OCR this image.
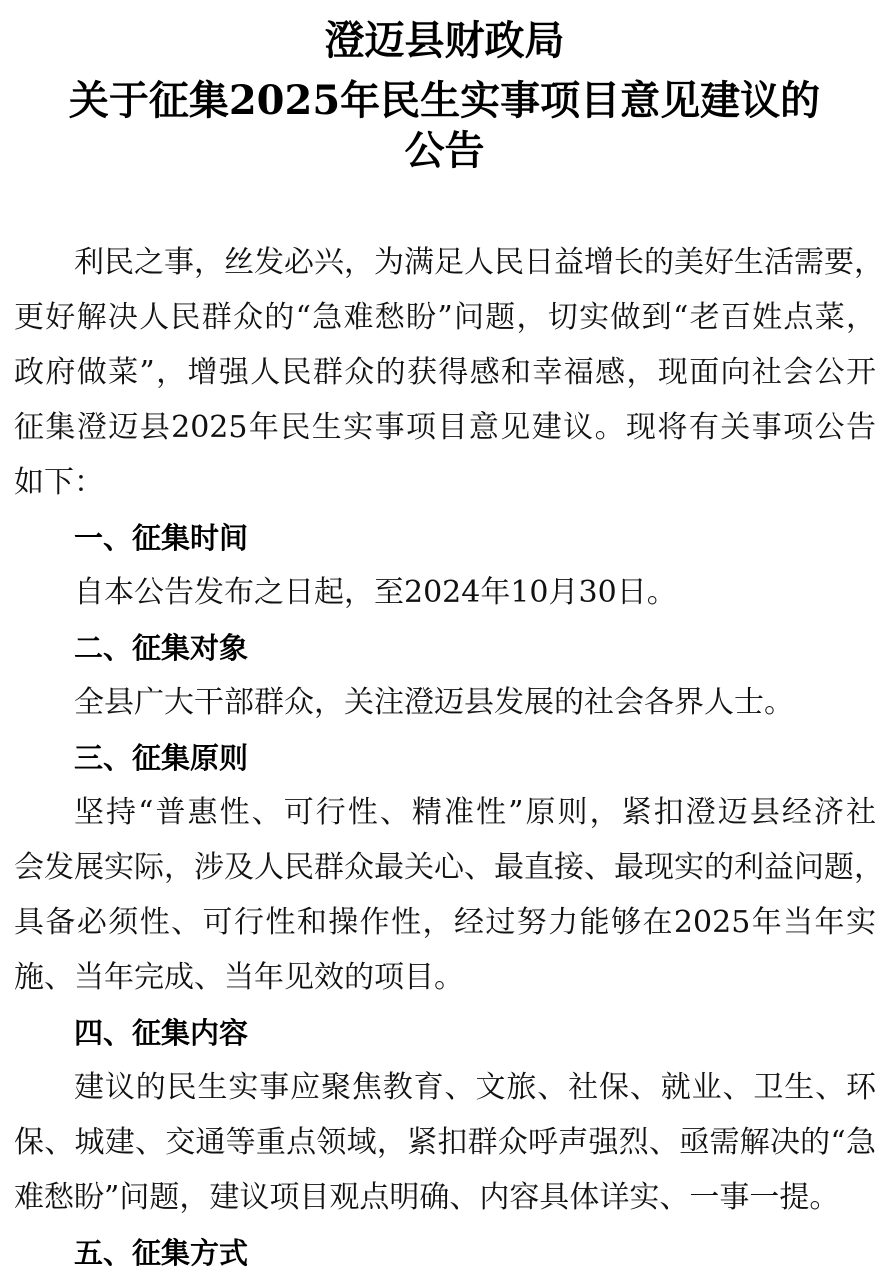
澄迈县财政局
关于征集2025年民生实事项目意见建议的
公告
利民之事，丝发必兴，为满足人民日益增长的美好生活需要，
更好解决人民群众的“急难愁盼”问题，切实做到“老百姓点菜，
政府做菜”，增强人民群众的获得感和幸福感，现面向社会公开
征集澄迈县2025年民生实事项目意见建议。现将有关事项公告
如下：
一、征集时间
自本公告发布之日起，至2024年10月30日。
二、征集对象
全县广大干部群众，关注澄迈县发展的社会各界人士。
三、征集原则
坚持“普惠性、可行性、精准性”原则，紧扣澄迈县经济社
会发展实际，涉及人民群众最关心、最直接、最现实的利益问题，
具备必须性、可行性和操作性，经过努力能够在2025年当年实
施、当年完成、当年见效的项目。
四、征集内容
建议的民生实事应聚焦教育、文旅、社保、就业、卫生、环
保、城建、交通等重点领域，紧扣群众呼声强烈、亟需解决的“急
难愁盼”问题，建议项目观点明确、内容具体详实、一事一提。
五、征集方式
